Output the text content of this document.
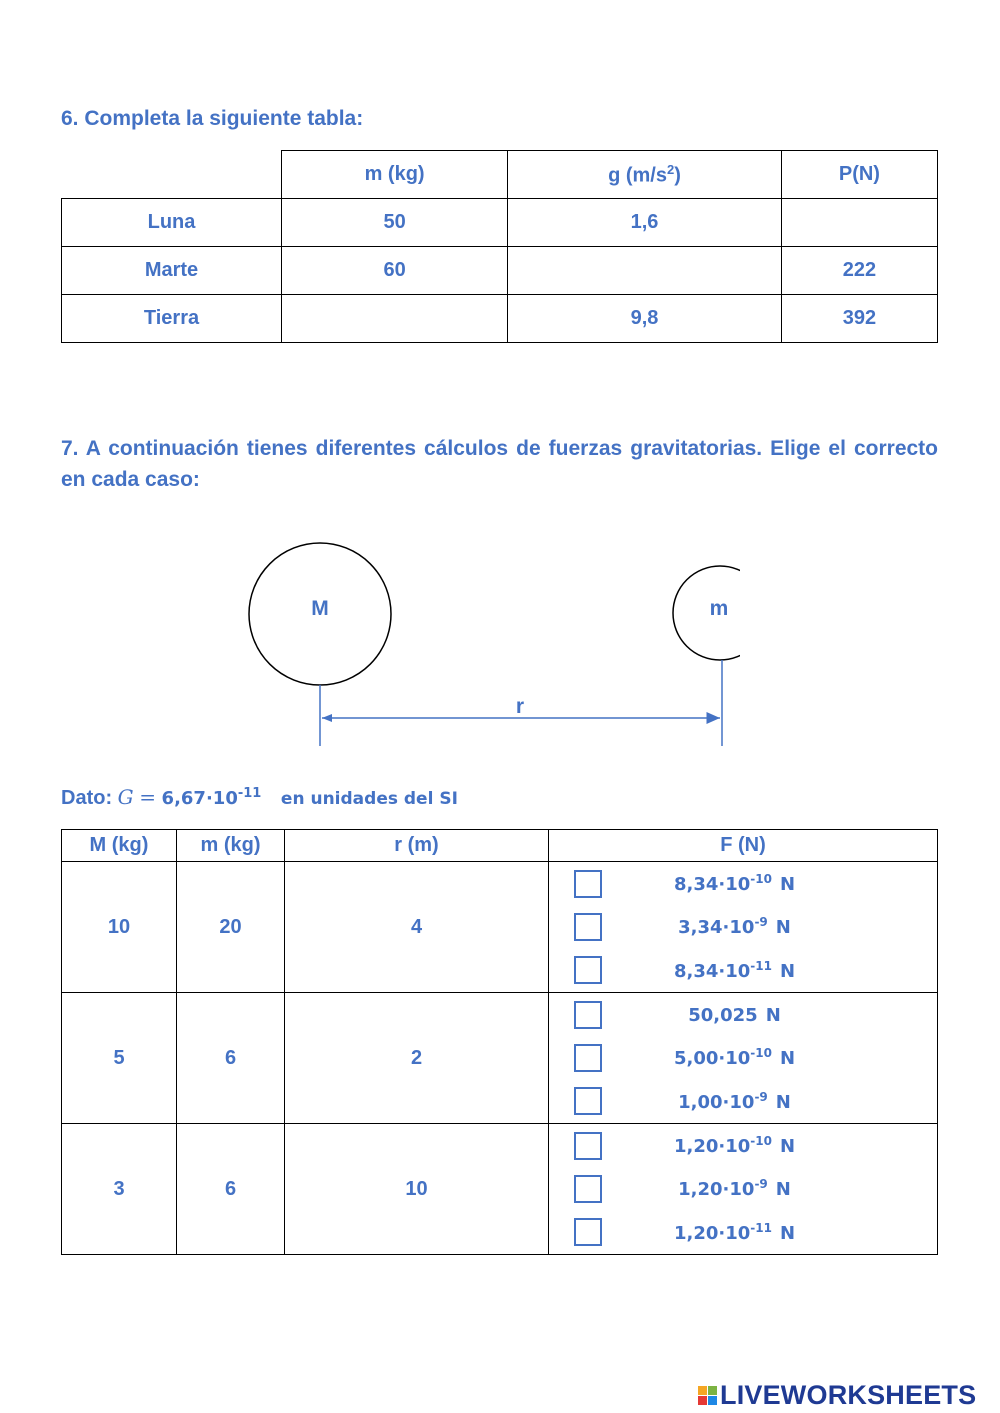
6. Completa la siguiente tabla:
	m (kg)	g $(m/s^2)$	P(N)
Luna	50	1,6	
Marte	60		222
Tierra		9,8	392
7. A continuación tienes diferentes cálculos de fuerzas gravitatorias. Elige el correcto en cada caso:
M	m
r
Dato: $G = 6,67\cdot 10^{-11}$ en unidades del SI
M (kg)	m (kg)	r (m)	F (N)
10	20	4	$8,34\cdot 10^{-10}$ N
$3,34\cdot 10^{-9}$ N
$8,34\cdot 10^{-11}$ N

5	6	2	50,025 N
$5,00\cdot 10^{-10}$ N
$1,00\cdot 10^{-9}$ N

3	6	10	$1,20\cdot 10^{-10}$ N
$1,20\cdot 10^{-9}$ N
$1,20\cdot 10^{-11}$ N
LIVEWORKSHEETS
